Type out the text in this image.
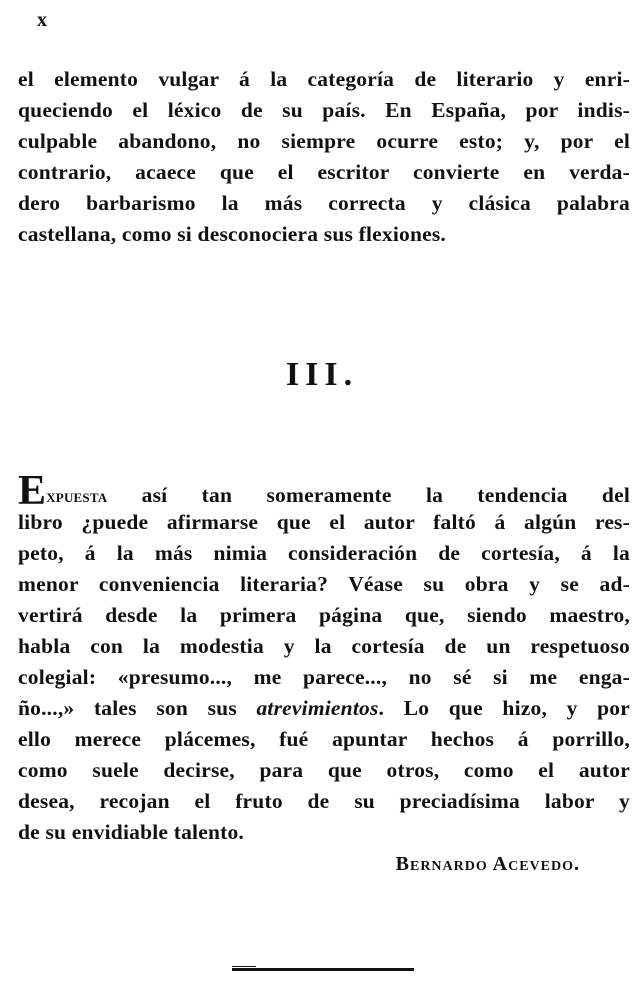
x
el elemento vulgar á la categoría de literario y enri-
queciendo el léxico de su país. En España, por indis-
culpable abandono, no siempre ocurre esto; y, por el
contrario, acaece que el escritor convierte en verda-
dero barbarismo la más correcta y clásica palabra
castellana, como si desconociera sus flexiones.
III.
Expuesta así tan someramente la tendencia del
libro ¿puede afirmarse que el autor faltó á algún res-
peto, á la más nimia consideración de cortesía, á la
menor conveniencia literaria? Véase su obra y se ad-
vertirá desde la primera página que, siendo maestro,
habla con la modestia y la cortesía de un respetuoso
colegial: «presumo..., me parece..., no sé si me enga-
ño...,» tales son sus atrevimientos. Lo que hizo, y por
ello merece plácemes, fué apuntar hechos á porrillo,
como suele decirse, para que otros, como el autor
desea, recojan el fruto de su preciadísima labor y
de su envidiable talento.
Bernardo Acevedo.
